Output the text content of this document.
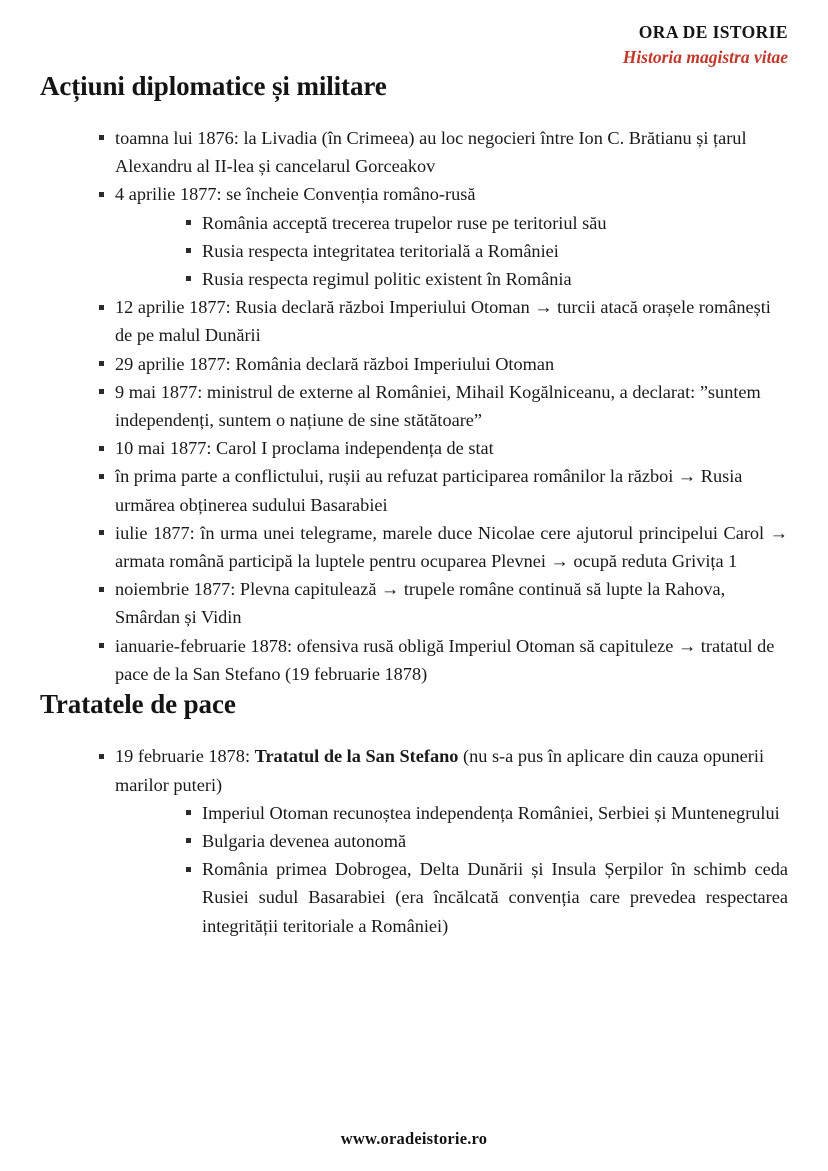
ORA DE ISTORIE
Historia magistra vitae
Acțiuni diplomatice și militare
toamna lui 1876: la Livadia (în Crimeea) au loc negocieri între Ion C. Brătianu și țarul Alexandru al II-lea și cancelarul Gorceakov
4 aprilie 1877: se încheie Convenția româno-rusă
România acceptă trecerea trupelor ruse pe teritoriul său
Rusia respecta integritatea teritorială a României
Rusia respecta regimul politic existent în România
12 aprilie 1877: Rusia declară război Imperiului Otoman → turcii atacă orașele românești de pe malul Dunării
29 aprilie 1877: România declară război Imperiului Otoman
9 mai 1877: ministrul de externe al României, Mihail Kogălniceanu, a declarat: ”suntem independenți, suntem o națiune de sine stătătoare”
10 mai 1877: Carol I proclama independența de stat
în prima parte a conflictului, rușii au refuzat participarea românilor la război → Rusia urmărea obținerea sudului Basarabiei
iulie 1877: în urma unei telegrame, marele duce Nicolae cere ajutorul principelui Carol → armata română participă la luptele pentru ocuparea Plevnei → ocupă reduta Grivița 1
noiembrie 1877: Plevna capitulează → trupele române continuă să lupte la Rahova, Smârdan și Vidin
ianuarie-februarie 1878: ofensiva rusă obligă Imperiul Otoman să capituleze → tratatul de pace de la San Stefano (19 februarie 1878)
Tratatele de pace
19 februarie 1878: Tratatul de la San Stefano (nu s-a pus în aplicare din cauza opunerii marilor puteri)
Imperiul Otoman recunoștea independența României, Serbiei și Muntenegrului
Bulgaria devenea autonomă
România primea Dobrogea, Delta Dunării și Insula Șerpilor în schimb ceda Rusiei sudul Basarabiei (era încălcată convenția care prevedea respectarea integrității teritoriale a României)
www.oradeistorie.ro
